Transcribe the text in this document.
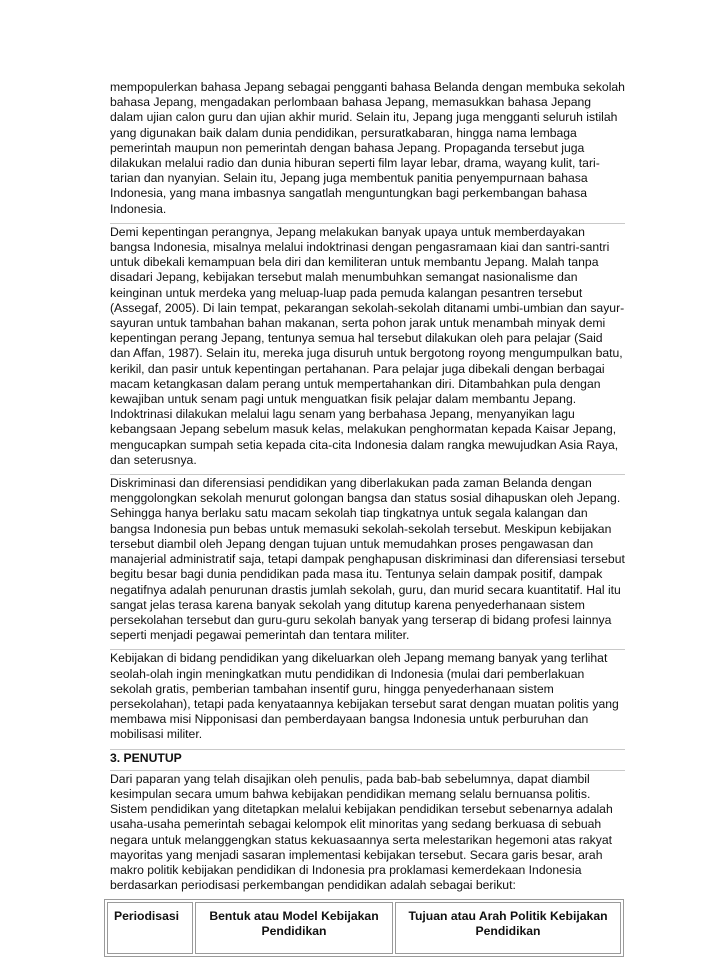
mempopulerkan bahasa Jepang sebagai pengganti bahasa Belanda dengan membuka sekolah bahasa Jepang, mengadakan perlombaan bahasa Jepang, memasukkan bahasa Jepang dalam ujian calon guru dan ujian akhir murid. Selain itu, Jepang juga mengganti seluruh istilah yang digunakan baik dalam dunia pendidikan, persuratkabaran, hingga nama lembaga pemerintah maupun non pemerintah dengan bahasa Jepang. Propaganda tersebut juga dilakukan melalui radio dan dunia hiburan seperti film layar lebar, drama, wayang kulit, tari-tarian dan nyanyian. Selain itu, Jepang juga membentuk panitia penyempurnaan bahasa Indonesia, yang mana imbasnya sangatlah menguntungkan bagi perkembangan bahasa Indonesia.

Demi kepentingan perangnya, Jepang melakukan banyak upaya untuk memberdayakan bangsa Indonesia, misalnya melalui indoktrinasi dengan pengasramaan kiai dan santri-santri untuk dibekali kemampuan bela diri dan kemiliteran untuk membantu Jepang. Malah tanpa disadari Jepang, kebijakan tersebut malah menumbuhkan semangat nasionalisme dan keinginan untuk merdeka yang meluap-luap pada pemuda kalangan pesantren tersebut (Assegaf, 2005). Di lain tempat, pekarangan sekolah-sekolah ditanami umbi-umbian dan sayur-sayuran untuk tambahan bahan makanan, serta pohon jarak untuk menambah minyak demi kepentingan perang Jepang, tentunya semua hal tersebut dilakukan oleh para pelajar (Said dan Affan, 1987). Selain itu, mereka juga disuruh untuk bergotong royong mengumpulkan batu, kerikil, dan pasir untuk kepentingan pertahanan. Para pelajar juga dibekali dengan berbagai macam ketangkasan dalam perang untuk mempertahankan diri. Ditambahkan pula dengan kewajiban untuk senam pagi untuk menguatkan fisik pelajar dalam membantu Jepang. Indoktrinasi dilakukan melalui lagu senam yang berbahasa Jepang, menyanyikan lagu kebangsaan Jepang sebelum masuk kelas, melakukan penghormatan kepada Kaisar Jepang, mengucapkan sumpah setia kepada cita-cita Indonesia dalam rangka mewujudkan Asia Raya, dan seterusnya.

Diskriminasi dan diferensiasi pendidikan yang diberlakukan pada zaman Belanda dengan menggolongkan sekolah menurut golongan bangsa dan status sosial dihapuskan oleh Jepang. Sehingga hanya berlaku satu macam sekolah tiap tingkatnya untuk segala kalangan dan bangsa Indonesia pun bebas untuk memasuki sekolah-sekolah tersebut. Meskipun kebijakan tersebut diambil oleh Jepang dengan tujuan untuk memudahkan proses pengawasan dan manajerial administratif saja, tetapi dampak penghapusan diskriminasi dan diferensiasi tersebut begitu besar bagi dunia pendidikan pada masa itu. Tentunya selain dampak positif, dampak negatifnya adalah penurunan drastis jumlah sekolah, guru, dan murid secara kuantitatif. Hal itu sangat jelas terasa karena banyak sekolah yang ditutup karena penyederhanaan sistem persekolahan tersebut dan guru-guru sekolah banyak yang terserap di bidang profesi lainnya seperti menjadi pegawai pemerintah dan tentara militer.

Kebijakan di bidang pendidikan yang dikeluarkan oleh Jepang memang banyak yang terlihat seolah-olah ingin meningkatkan mutu pendidikan di Indonesia (mulai dari pemberlakuan sekolah gratis, pemberian tambahan insentif guru, hingga penyederhanaan sistem persekolahan), tetapi pada kenyataannya kebijakan tersebut sarat dengan muatan politis yang membawa misi Nipponisasi dan pemberdayaan bangsa Indonesia untuk perburuhan dan mobilisasi militer.

3. PENUTUP

Dari paparan yang telah disajikan oleh penulis, pada bab-bab sebelumnya, dapat diambil kesimpulan secara umum bahwa kebijakan pendidikan memang selalu bernuansa politis. Sistem pendidikan yang ditetapkan melalui kebijakan pendidikan tersebut sebenarnya adalah usaha-usaha pemerintah sebagai kelompok elit minoritas yang sedang berkuasa di sebuah negara untuk melanggengkan status kekuasaannya serta melestarikan hegemoni atas rakyat mayoritas yang menjadi sasaran implementasi kebijakan tersebut. Secara garis besar, arah makro politik kebijakan pendidikan di Indonesia pra proklamasi kemerdekaan Indonesia berdasarkan periodisasi perkembangan pendidikan adalah sebagai berikut:

Periodisasi	Bentuk atau Model Kebijakan Pendidikan	Tujuan atau Arah Politik Kebijakan Pendidikan
